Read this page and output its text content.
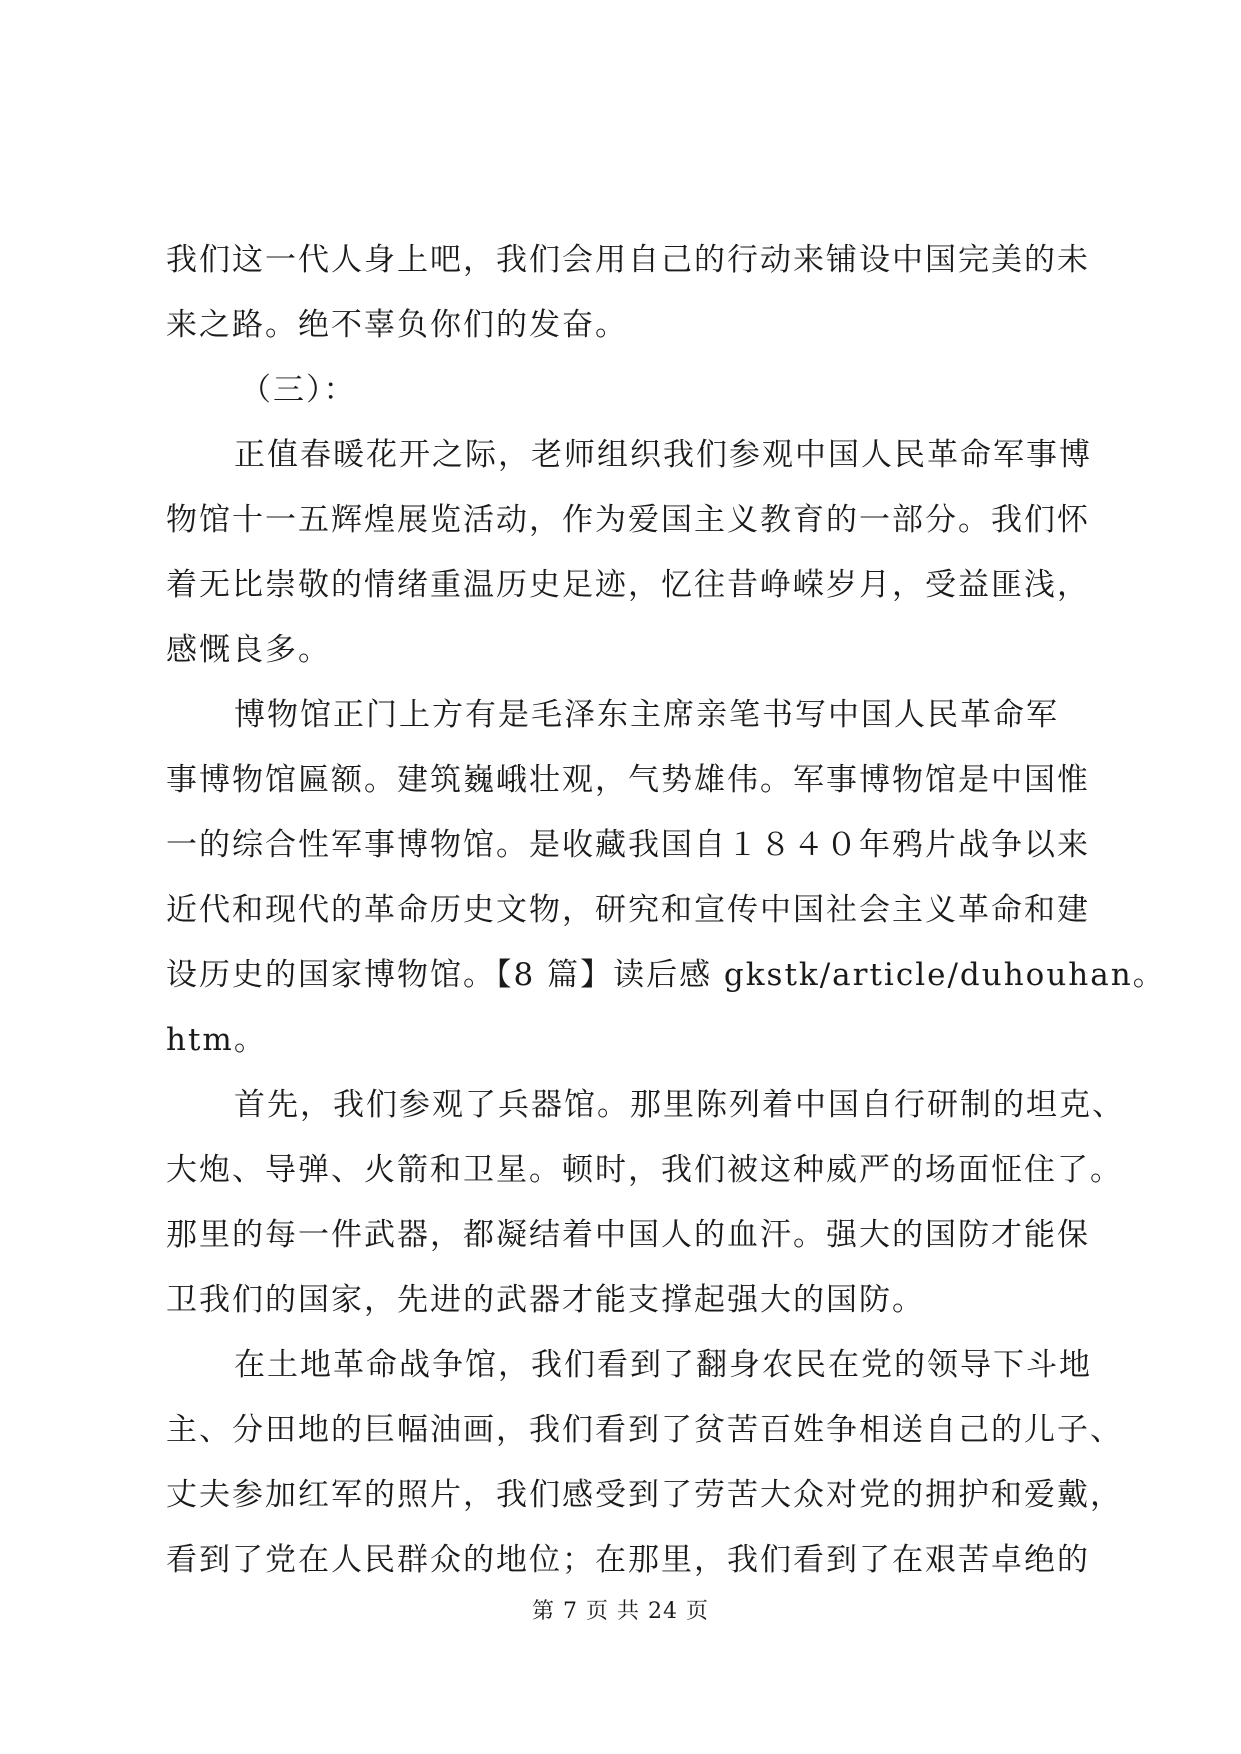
我们这一代人身上吧，我们会用自己的行动来铺设中国完美的未
来之路。绝不辜负你们的发奋。
（三）：
正值春暖花开之际，老师组织我们参观中国人民革命军事博
物馆十一五辉煌展览活动，作为爱国主义教育的一部分。我们怀
着无比崇敬的情绪重温历史足迹，忆往昔峥嵘岁月，受益匪浅，
感慨良多。
博物馆正门上方有是毛泽东主席亲笔书写中国人民革命军
事博物馆匾额。建筑巍峨壮观，气势雄伟。军事博物馆是中国惟
一的综合性军事博物馆。是收藏我国自１８４０年鸦片战争以来
近代和现代的革命历史文物，研究和宣传中国社会主义革命和建
设历史的国家博物馆。【8 篇】读后感 gkstk/article/duhouhan。
htm。
首先，我们参观了兵器馆。那里陈列着中国自行研制的坦克、
大炮、导弹、火箭和卫星。顿时，我们被这种威严的场面怔住了。
那里的每一件武器，都凝结着中国人的血汗。强大的国防才能保
卫我们的国家，先进的武器才能支撑起强大的国防。
在土地革命战争馆，我们看到了翻身农民在党的领导下斗地
主、分田地的巨幅油画，我们看到了贫苦百姓争相送自己的儿子、
丈夫参加红军的照片，我们感受到了劳苦大众对党的拥护和爱戴，
看到了党在人民群众的地位；在那里，我们看到了在艰苦卓绝的
第 7 页 共 24 页
